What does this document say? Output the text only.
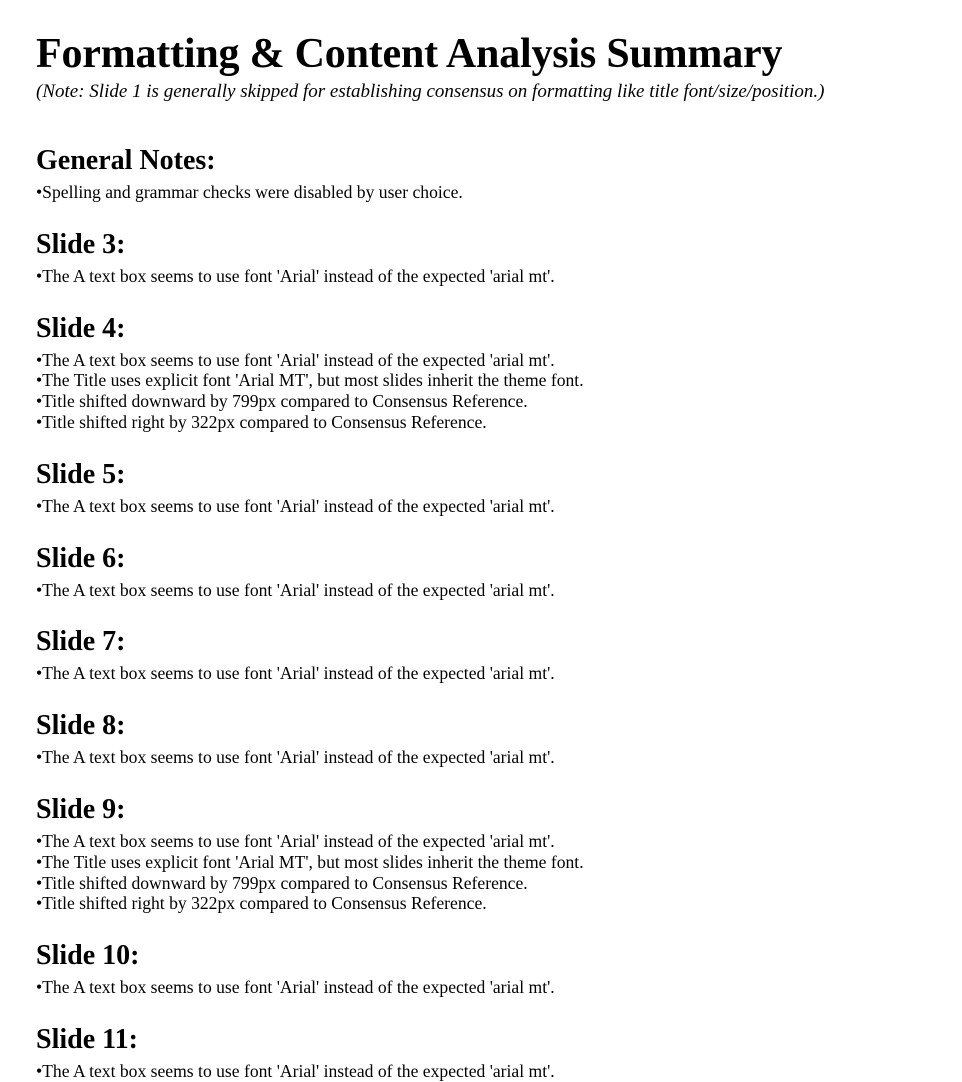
Formatting & Content Analysis Summary

(Note: Slide 1 is generally skipped for establishing consensus on formatting like title font/size/position.)

General Notes:
• Spelling and grammar checks were disabled by user choice.
Slide 3:
• The A text box seems to use font 'Arial' instead of the expected 'arial mt'.
Slide 4:
• The A text box seems to use font 'Arial' instead of the expected 'arial mt'.
• The Title uses explicit font 'Arial MT', but most slides inherit the theme font.
• Title shifted downward by 799px compared to Consensus Reference.
• Title shifted right by 322px compared to Consensus Reference.
Slide 5:
• The A text box seems to use font 'Arial' instead of the expected 'arial mt'.
Slide 6:
• The A text box seems to use font 'Arial' instead of the expected 'arial mt'.
Slide 7:
• The A text box seems to use font 'Arial' instead of the expected 'arial mt'.
Slide 8:
• The A text box seems to use font 'Arial' instead of the expected 'arial mt'.
Slide 9:
• The A text box seems to use font 'Arial' instead of the expected 'arial mt'.
• The Title uses explicit font 'Arial MT', but most slides inherit the theme font.
• Title shifted downward by 799px compared to Consensus Reference.
• Title shifted right by 322px compared to Consensus Reference.
Slide 10:
• The A text box seems to use font 'Arial' instead of the expected 'arial mt'.
Slide 11:
• The A text box seems to use font 'Arial' instead of the expected 'arial mt'.
